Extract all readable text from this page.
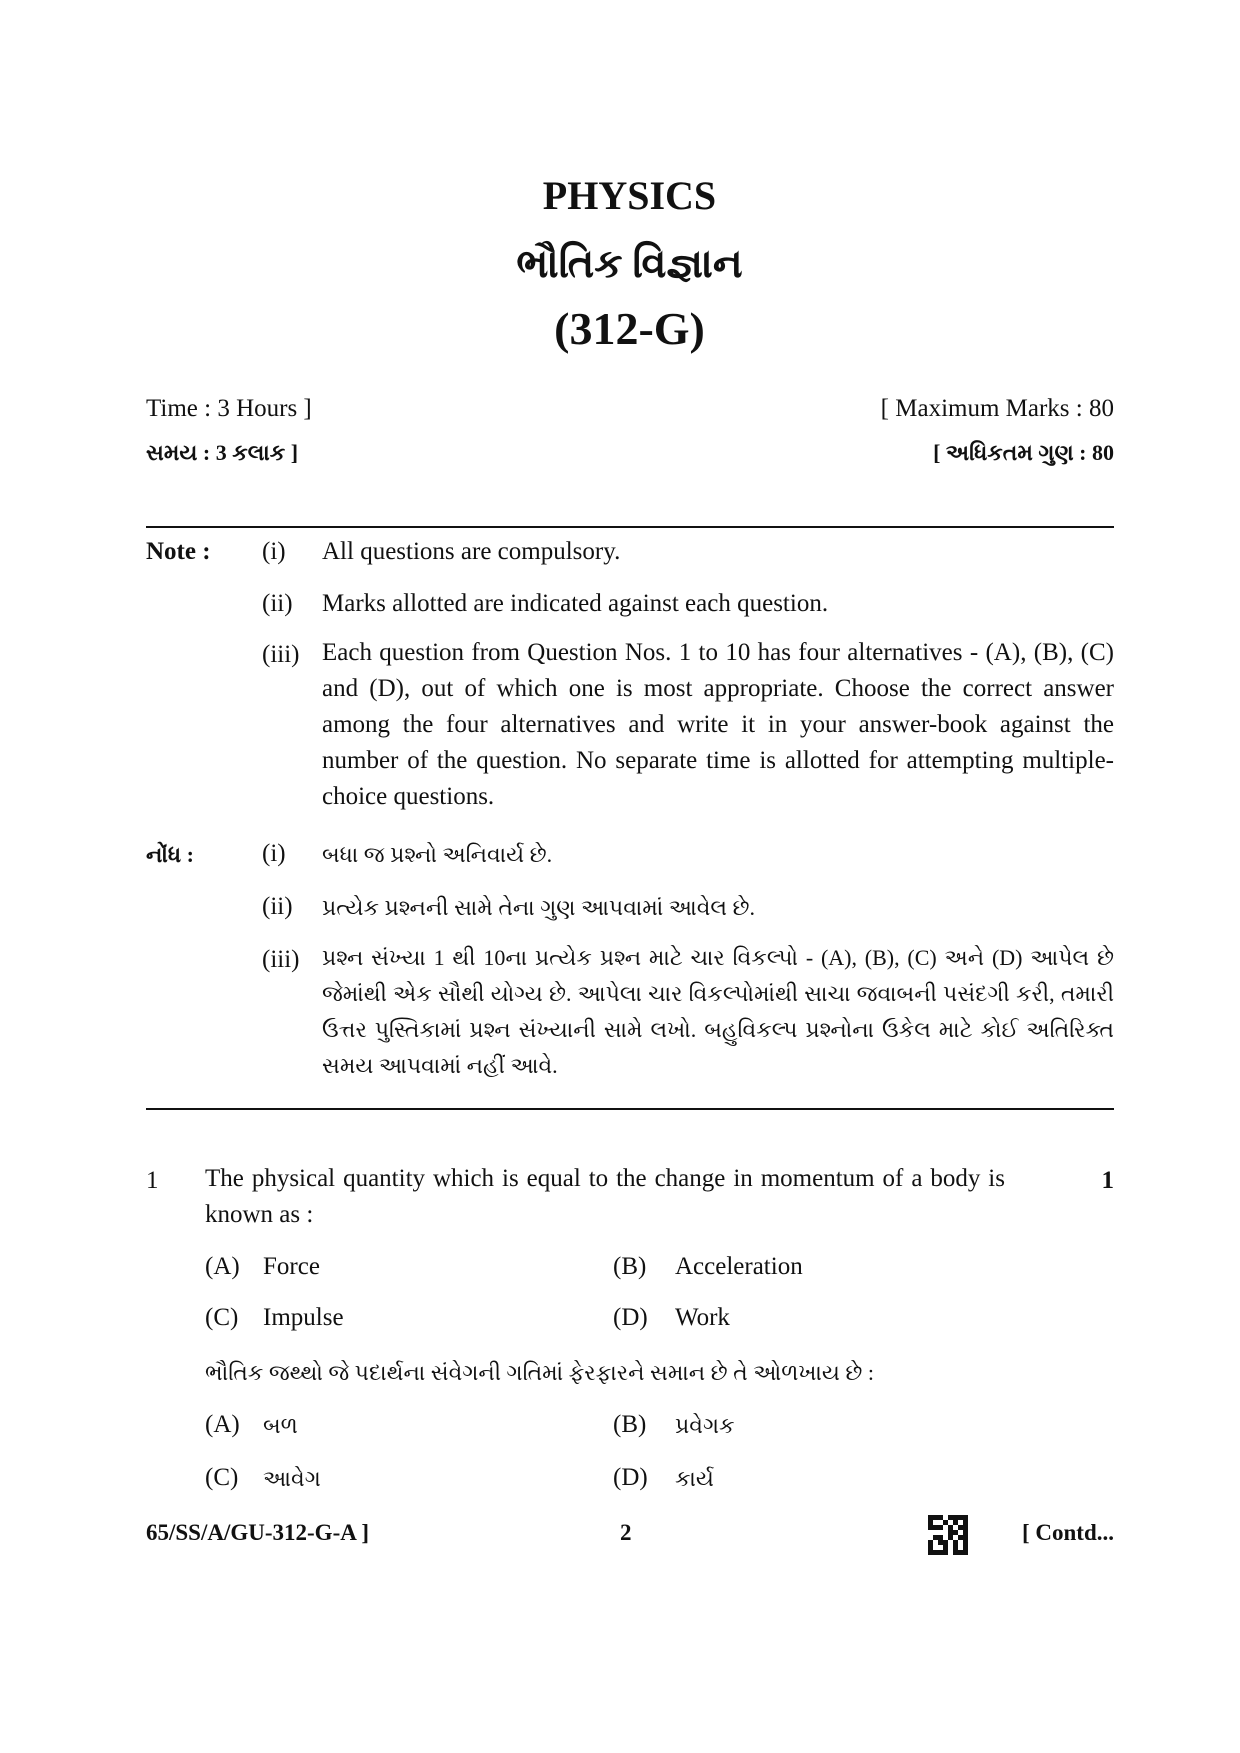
PHYSICS
ભૌતિક વિજ્ઞાન
(312-G)
Time : 3 Hours ]	[ Maximum Marks : 80
સમય : 3 કલાક ]	[ અધિકતમ ગુણ : 80
Note : (i) All questions are compulsory.
(ii) Marks allotted are indicated against each question.
(iii) Each question from Question Nos. 1 to 10 has four alternatives - (A), (B), (C) and (D), out of which one is most appropriate. Choose the correct answer among the four alternatives and write it in your answer-book against the number of the question. No separate time is allotted for attempting multiple-choice questions.
નોંધ :	(i) બધા જ પ્રશ્નો અનિવાર્ય છે.
(ii) પ્રત્યેક પ્રશ્નની સામે તેના ગુણ આપવામાં આવેલ છે.
(iii) પ્રશ્ન સંખ્યા 1 થી 10ના પ્રત્યેક પ્રશ્ન માટે ચાર વિકલ્પો - (A), (B), (C) અને (D) આપેલ છે જેમાંથી એક સૌથી યોગ્ય છે. આપેલા ચાર વિકલ્પોમાંથી સાચા જવાબની પસંદગી કરી, તમારી ઉત્તર પુસ્તિકામાં પ્રશ્ન સંખ્યાની સામે લખો. બહુવિકલ્પ પ્રશ્નોના ઉકેલ માટે કોઈ અતિરિક્ત સમય આપવામાં નહીં આવે.
1 The physical quantity which is equal to the change in momentum of a body is known as :
1
(A) Force	(B) Acceleration
(C) Impulse	(D) Work
ભૌતિક જથ્થો જે પદાર્થના સંવેગની ગતિમાં ફેરફારને સમાન છે તે ઓળખાય છે :
(A) બળ	(B) પ્રવેગક
(C) આવેગ	(D) કાર્ય
65/SS/A/GU-312-G-A ]	2	[ Contd...
